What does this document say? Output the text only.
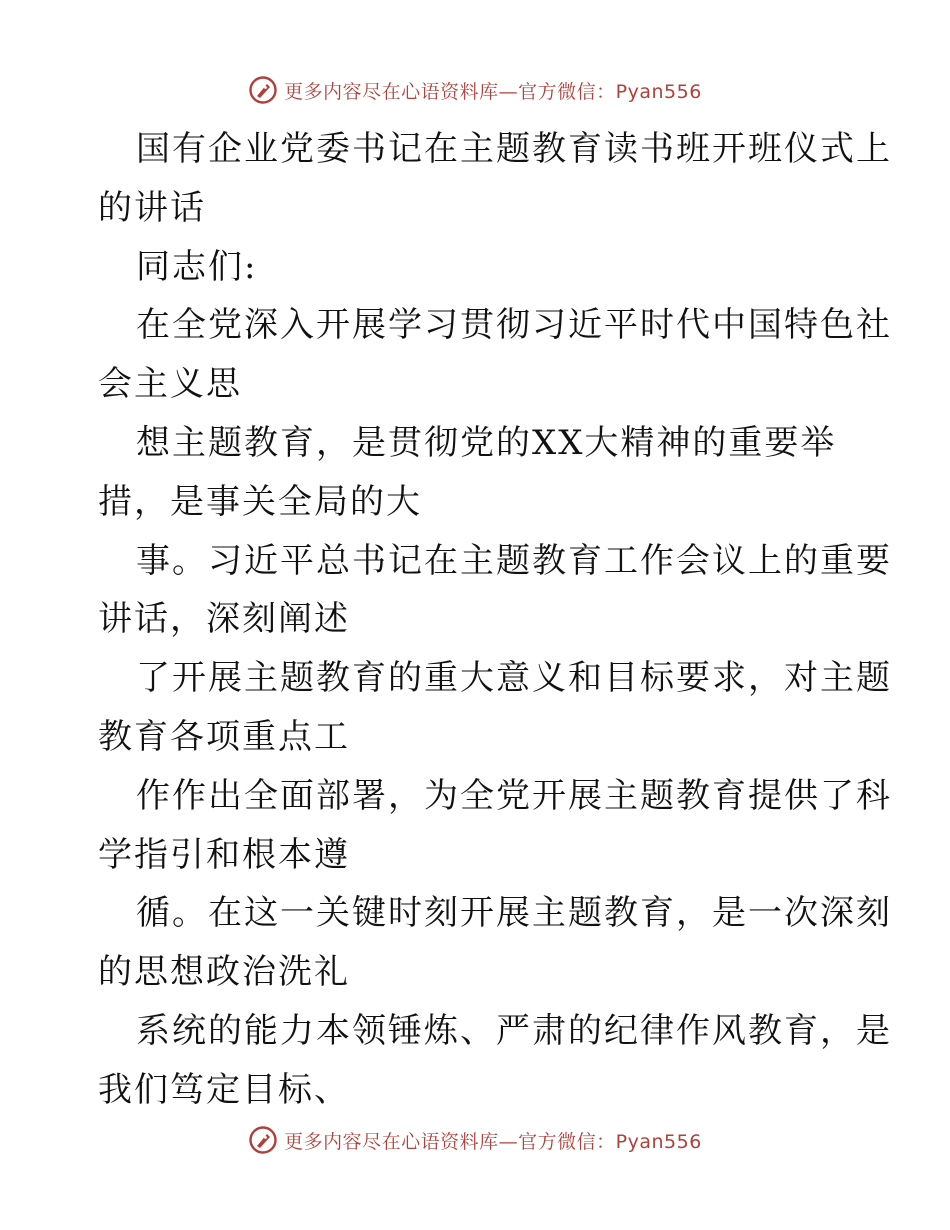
更多内容尽在心语资料库—官方微信：Pyan556
国有企业党委书记在主题教育读书班开班仪式上
的讲话
同志们:
在全党深入开展学习贯彻习近平时代中国特色社
会主义思
想主题教育，是贯彻党的XX大精神的重要举
措，是事关全局的大
事。习近平总书记在主题教育工作会议上的重要
讲话，深刻阐述
了开展主题教育的重大意义和目标要求，对主题
教育各项重点工
作作出全面部署，为全党开展主题教育提供了科
学指引和根本遵
循。在这一关键时刻开展主题教育，是一次深刻
的思想政治洗礼
系统的能力本领锤炼、严肃的纪律作风教育，是
我们笃定目标、
更多内容尽在心语资料库—官方微信：Pyan556
